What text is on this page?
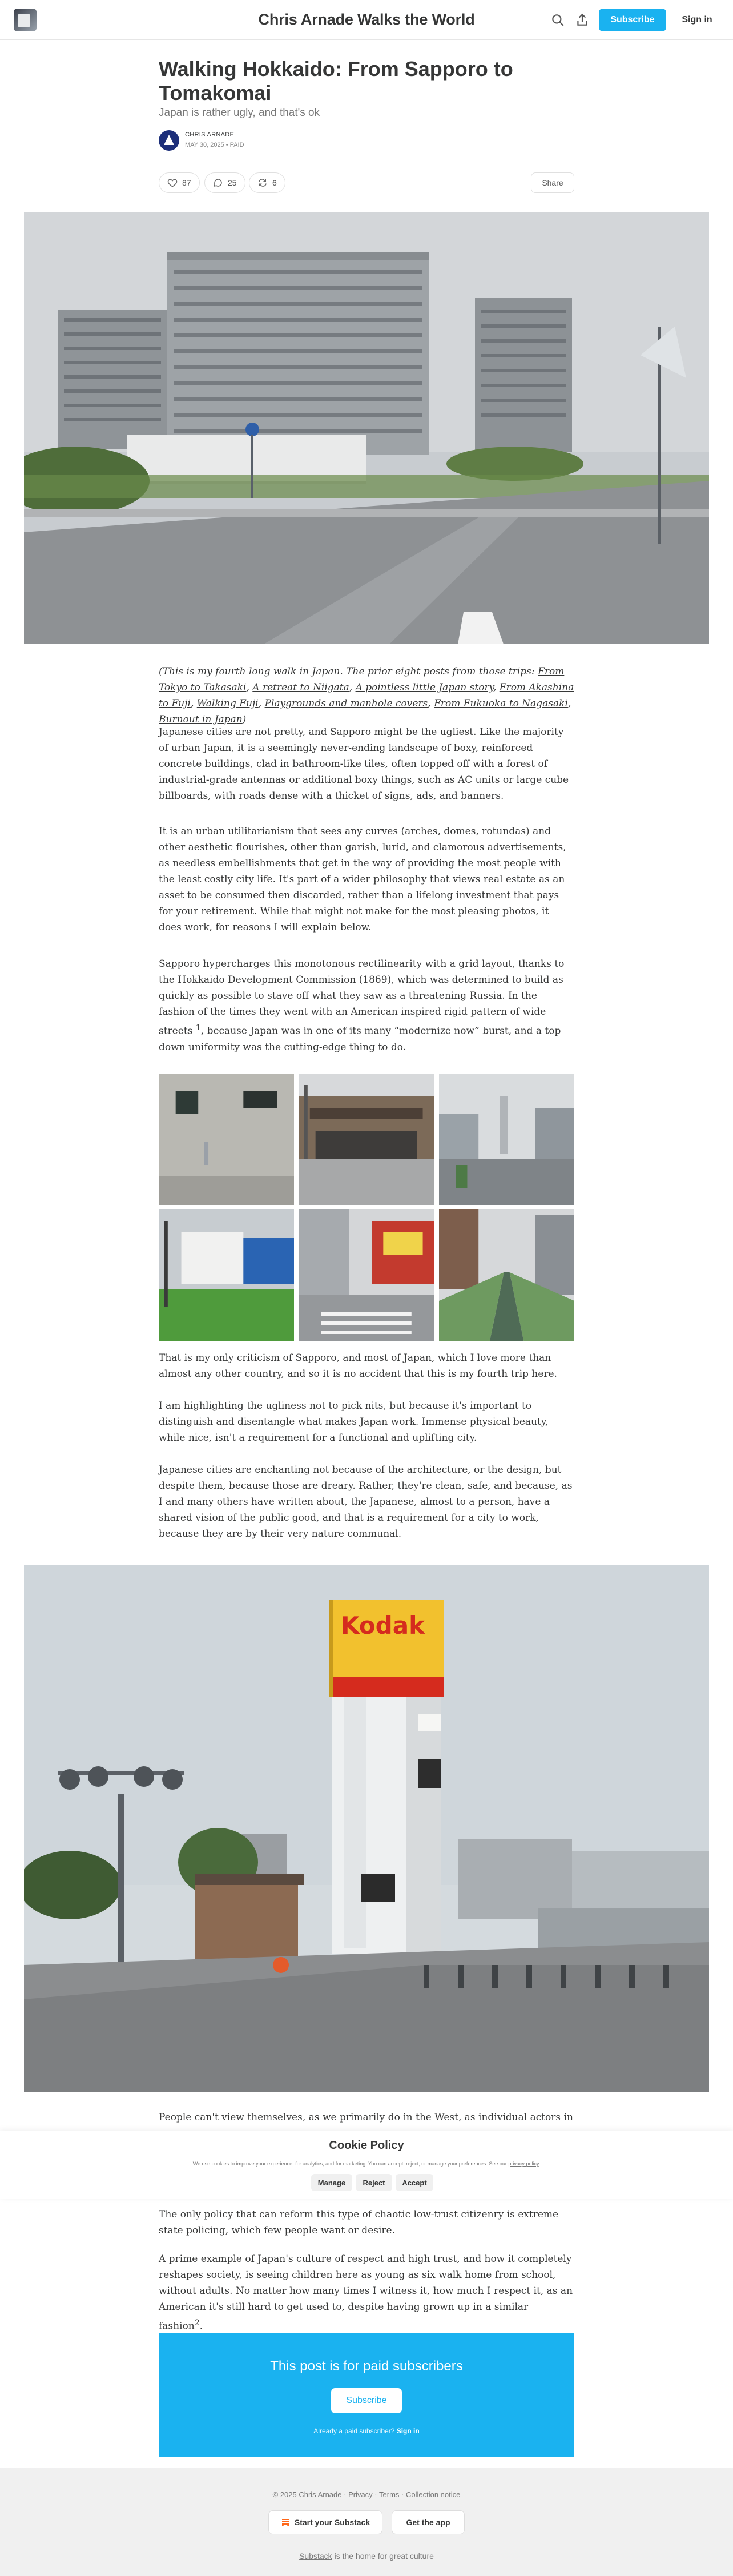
Chris Arnade Walks the World	Subscribe	Sign in
Walking Hokkaido: From Sapporo to Tomakomai
Japan is rather ugly, and that's ok
CHRIS ARNADE
MAY 30, 2025 • PAID
87	25	6	Share
(This is my fourth long walk in Japan. The prior eight posts from those trips: From Tokyo to Takasaki, A retreat to Niigata, A pointless little Japan story, From Akashina to Fuji, Walking Fuji, Playgrounds and manhole covers, From Fukuoka to Nagasaki, Burnout in Japan)
Japanese cities are not pretty, and Sapporo might be the ugliest. Like the majority of urban Japan, it is a seemingly never-ending landscape of boxy, reinforced concrete buildings, clad in bathroom-like tiles, often topped off with a forest of industrial-grade antennas or additional boxy things, such as AC units or large cube billboards, with roads dense with a thicket of signs, ads, and banners.
It is an urban utilitarianism that sees any curves (arches, domes, rotundas) and other aesthetic flourishes, other than garish, lurid, and clamorous advertisements, as needless embellishments that get in the way of providing the most people with the least costly city life. It's part of a wider philosophy that views real estate as an asset to be consumed then discarded, rather than a lifelong investment that pays for your retirement. While that might not make for the most pleasing photos, it does work, for reasons I will explain below.
Sapporo hypercharges this monotonous rectilinearity with a grid layout, thanks to the Hokkaido Development Commission (1869), which was determined to build as quickly as possible to stave off what they saw as a threatening Russia. In the fashion of the times they went with an American inspired rigid pattern of wide streets $^1$, because Japan was in one of its many “modernize now” burst, and a top down uniformity was the cutting-edge thing to do.
That is my only criticism of Sapporo, and most of Japan, which I love more than almost any other country, and so it is no accident that this is my fourth trip here.
I am highlighting the ugliness not to pick nits, but because it's important to distinguish and disentangle what makes Japan work. Immense physical beauty, while nice, isn't a requirement for a functional and uplifting city.
Japanese cities are enchanting not because of the architecture, or the design, but despite them, because those are dreary. Rather, they're clean, safe, and because, as I and many others have written about, the Japanese, almost to a person, have a shared vision of the public good, and that is a requirement for a city to work, because they are by their very nature communal.
Kodak
People can't view themselves, as we primarily do in the West, as individual actors in
Cookie Policy
We use cookies to improve your experience, for analytics, and for marketing. You can accept, reject, or manage your preferences. See our privacy policy.
Manage	Reject	Accept
The only policy that can reform this type of chaotic low-trust citizenry is extreme state policing, which few people want or desire.
A prime example of Japan's culture of respect and high trust, and how it completely reshapes society, is seeing children here as young as six walk home from school, without adults. No matter how many times I witness it, how much I respect it, as an American it's still hard to get used to, despite having grown up in a similar fashion$^2$.
This post is for paid subscribers
Subscribe
Already a paid subscriber? Sign in
© 2025 Chris Arnade · Privacy · Terms · Collection notice
Start your Substack	Get the app
Substack is the home for great culture
